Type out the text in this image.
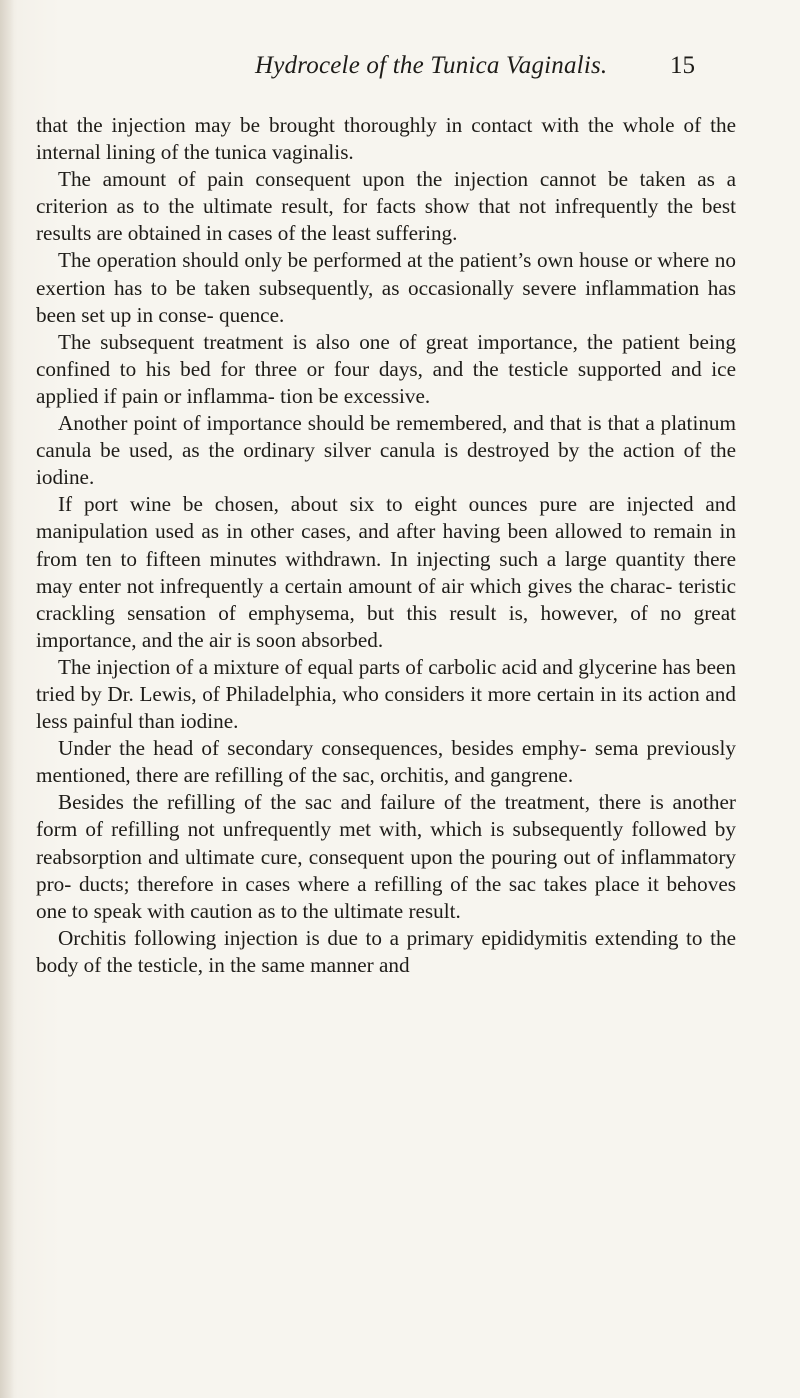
Hydrocele of the Tunica Vaginalis.	15

that the injection may be brought thoroughly in contact with the whole of the internal lining of the tunica vaginalis.

The amount of pain consequent upon the injection cannot be taken as a criterion as to the ultimate result, for facts show that not infrequently the best results are obtained in cases of the least suffering.

The operation should only be performed at the patient’s own house or where no exertion has to be taken subsequently, as occasionally severe inflammation has been set up in conse- quence.

The subsequent treatment is also one of great importance, the patient being confined to his bed for three or four days, and the testicle supported and ice applied if pain or inflamma- tion be excessive.

Another point of importance should be remembered, and that is that a platinum canula be used, as the ordinary silver canula is destroyed by the action of the iodine.

If port wine be chosen, about six to eight ounces pure are injected and manipulation used as in other cases, and after having been allowed to remain in from ten to fifteen minutes withdrawn. In injecting such a large quantity there may enter not infrequently a certain amount of air which gives the charac- teristic crackling sensation of emphysema, but this result is, however, of no great importance, and the air is soon absorbed.

The injection of a mixture of equal parts of carbolic acid and glycerine has been tried by Dr. Lewis, of Philadelphia, who considers it more certain in its action and less painful than iodine.

Under the head of secondary consequences, besides emphy- sema previously mentioned, there are refilling of the sac, orchitis, and gangrene.

Besides the refilling of the sac and failure of the treatment, there is another form of refilling not unfrequently met with, which is subsequently followed by reabsorption and ultimate cure, consequent upon the pouring out of inflammatory pro- ducts; therefore in cases where a refilling of the sac takes place it behoves one to speak with caution as to the ultimate result.

Orchitis following injection is due to a primary epididymitis extending to the body of the testicle, in the same manner and
